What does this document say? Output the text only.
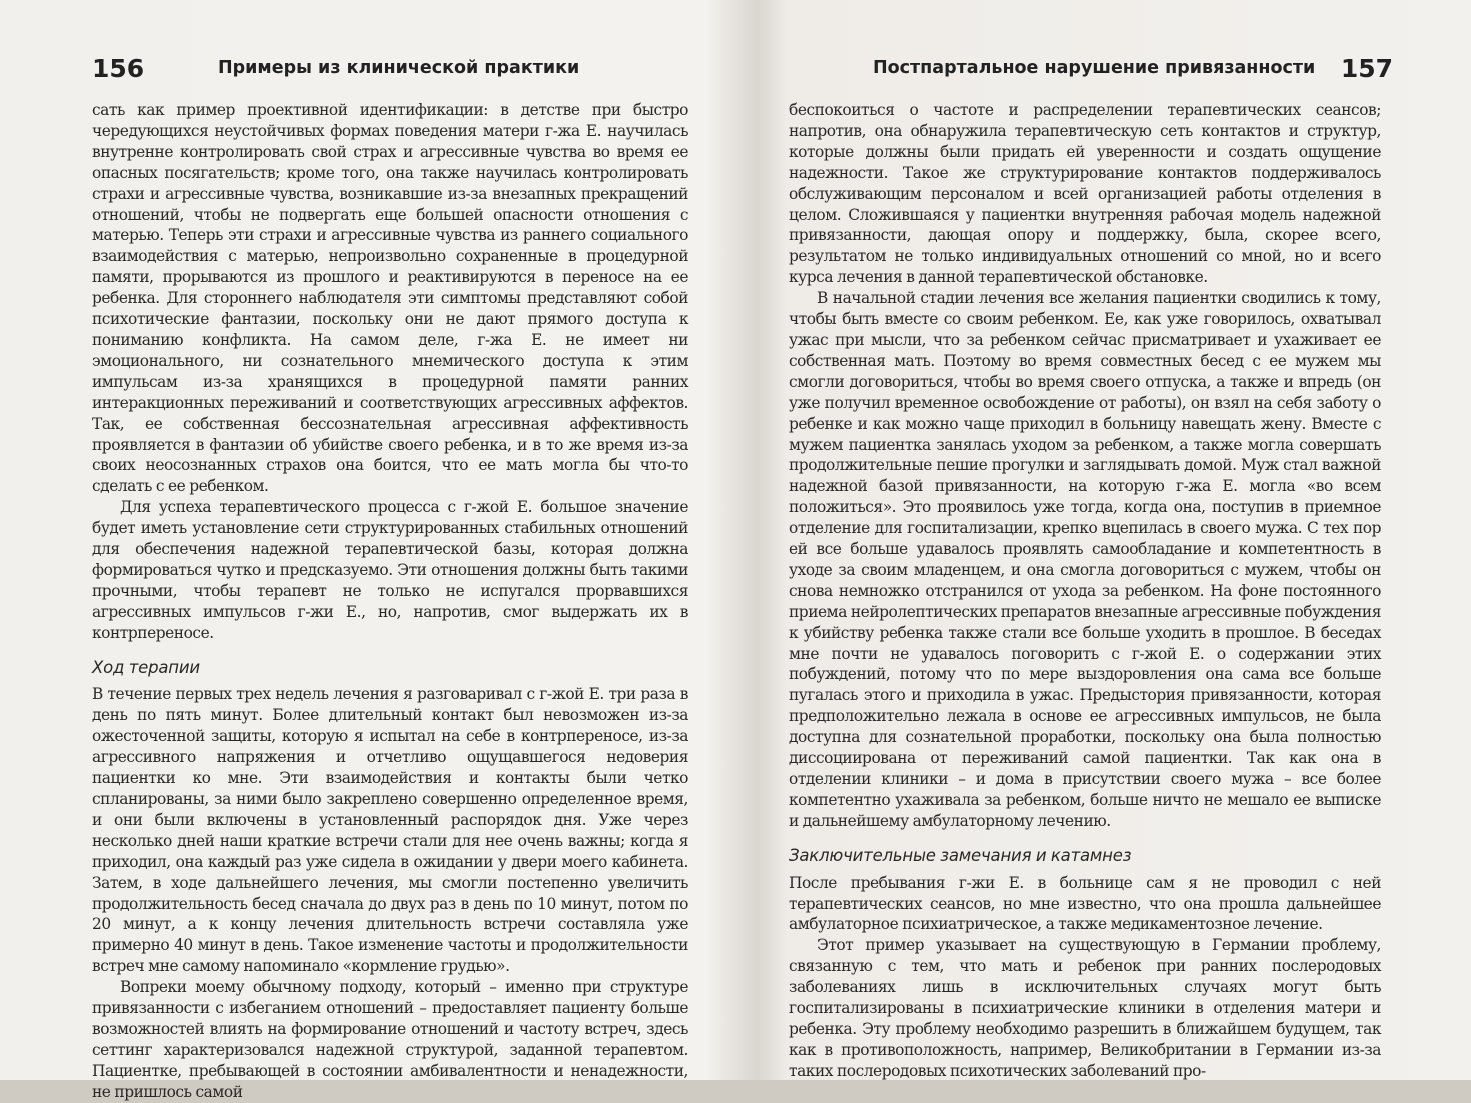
156	Примеры из клинической практики

сать как пример проективной идентификации: в детстве при быстро чередующихся неустойчивых формах поведения матери г-жа Е. научилась внутренне контролировать свой страх и агрессивные чувства во время ее опасных посягательств; кроме того, она также научилась контролировать страхи и агрессивные чувства, возникавшие из-за внезапных прекращений отношений, чтобы не подвергать еще большей опасности отношения с матерью. Теперь эти страхи и агрессивные чувства из раннего социального взаимодействия с матерью, непроизвольно сохраненные в процедурной памяти, прорываются из прошлого и реактивируются в переносе на ее ребенка. Для стороннего наблюдателя эти симптомы представляют собой психотические фантазии, поскольку они не дают прямого доступа к пониманию конфликта. На самом деле, г-жа Е. не имеет ни эмоционального, ни сознательного мнемического доступа к этим импульсам из-за хранящихся в процедурной памяти ранних интеракционных переживаний и соответствующих агрессивных аффектов. Так, ее собственная бессознательная агрессивная аффективность проявляется в фантазии об убийстве своего ребенка, и в то же время из-за своих неосознанных страхов она боится, что ее мать могла бы что-то сделать с ее ребенком.

Для успеха терапевтического процесса с г-жой Е. большое значение будет иметь установление сети структурированных стабильных отношений для обеспечения надежной терапевтической базы, которая должна формироваться чутко и предсказуемо. Эти отношения должны быть такими прочными, чтобы терапевт не только не испугался прорвавшихся агрессивных импульсов г-жи Е., но, напротив, смог выдержать их в контрпереносе.

Ход терапии

В течение первых трех недель лечения я разговаривал с г-жой Е. три раза в день по пять минут. Более длительный контакт был невозможен из-за ожесточенной защиты, которую я испытал на себе в контрпереносе, из-за агрессивного напряжения и отчетливо ощущавшегося недоверия пациентки ко мне. Эти взаимодействия и контакты были четко спланированы, за ними было закреплено совершенно определенное время, и они были включены в установленный распорядок дня. Уже через несколько дней наши краткие встречи стали для нее очень важны; когда я приходил, она каждый раз уже сидела в ожидании у двери моего кабинета. Затем, в ходе дальнейшего лечения, мы смогли постепенно увеличить продолжительность бесед сначала до двух раз в день по 10 минут, потом по 20 минут, а к концу лечения длительность встречи составляла уже примерно 40 минут в день. Такое изменение частоты и продолжительности встреч мне самому напоминало «кормление грудью».

Вопреки моему обычному подходу, который – именно при структуре привязанности с избеганием отношений – предоставляет пациенту больше возможностей влиять на формирование отношений и частоту встреч, здесь сеттинг характеризовался надежной структурой, заданной терапевтом. Пациентке, пребывающей в состоянии амбивалентности и ненадежности, не пришлось самой

Постпартальное нарушение привязанности 157

беспокоиться о частоте и распределении терапевтических сеансов; напротив, она обнаружила терапевтическую сеть контактов и структур, которые должны были придать ей уверенности и создать ощущение надежности. Такое же структурирование контактов поддерживалось обслуживающим персоналом и всей организацией работы отделения в целом. Сложившаяся у пациентки внутренняя рабочая модель надежной привязанности, дающая опору и поддержку, была, скорее всего, результатом не только индивидуальных отношений со мной, но и всего курса лечения в данной терапевтической обстановке.

В начальной стадии лечения все желания пациентки сводились к тому, чтобы быть вместе со своим ребенком. Ее, как уже говорилось, охватывал ужас при мысли, что за ребенком сейчас присматривает и ухаживает ее собственная мать. Поэтому во время совместных бесед с ее мужем мы смогли договориться, чтобы во время своего отпуска, а также и впредь (он уже получил временное освобождение от работы), он взял на себя заботу о ребенке и как можно чаще приходил в больницу навещать жену. Вместе с мужем пациентка занялась уходом за ребенком, а также могла совершать продолжительные пешие прогулки и заглядывать домой. Муж стал важной надежной базой привязанности, на которую г-жа Е. могла «во всем положиться». Это проявилось уже тогда, когда она, поступив в приемное отделение для госпитализации, крепко вцепилась в своего мужа. С тех пор ей все больше удавалось проявлять самообладание и компетентность в уходе за своим младенцем, и она смогла договориться с мужем, чтобы он снова немножко отстранился от ухода за ребенком. На фоне постоянного приема нейролептических препаратов внезапные агрессивные побуждения к убийству ребенка также стали все больше уходить в прошлое. В беседах мне почти не удавалось поговорить с г-жой Е. о содержании этих побуждений, потому что по мере выздоровления она сама все больше пугалась этого и приходила в ужас. Предыстория привязанности, которая предположительно лежала в основе ее агрессивных импульсов, не была доступна для сознательной проработки, поскольку она была полностью диссоциирована от переживаний самой пациентки. Так как она в отделении клиники – и дома в присутствии своего мужа – все более компетентно ухаживала за ребенком, больше ничто не мешало ее выписке и дальнейшему амбулаторному лечению.

Заключительные замечания и катамнез

После пребывания г-жи Е. в больнице сам я не проводил с ней терапевтических сеансов, но мне известно, что она прошла дальнейшее амбулаторное психиатрическое, а также медикаментозное лечение.

Этот пример указывает на существующую в Германии проблему, связанную с тем, что мать и ребенок при ранних послеродовых заболеваниях лишь в исключительных случаях могут быть госпитализированы в психиатрические клиники в отделения матери и ребенка. Эту проблему необходимо разрешить в ближайшем будущем, так как в противоположность, например, Великобритании в Германии из-за таких послеродовых психотических заболеваний про-
